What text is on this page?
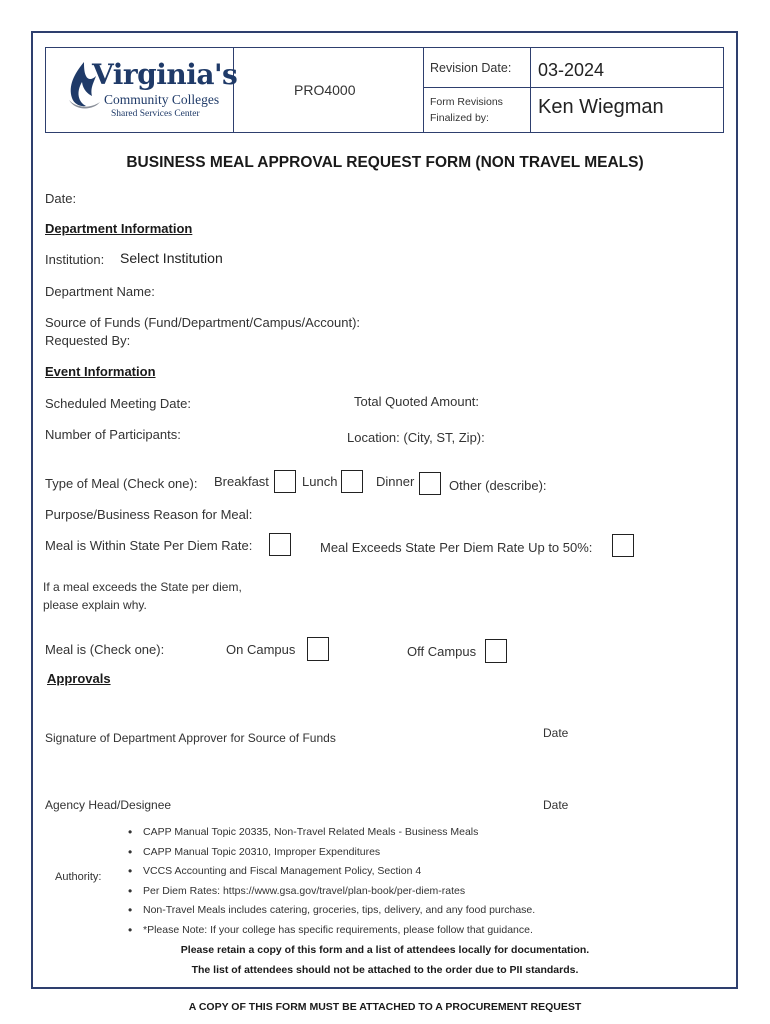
Virginia's
Community Colleges
Shared Services Center
PRO4000
Revision Date: 03-2024
Form Revisions
Finalized by: Ken Wiegman
BUSINESS MEAL APPROVAL REQUEST FORM (NON TRAVEL MEALS)
Date:
Department Information
Institution: Select Institution
Department Name:
Source of Funds (Fund/Department/Campus/Account):
Requested By:
Event Information
Scheduled Meeting Date:	Total Quoted Amount:
Number of Participants:	Location: (City, ST, Zip):
Type of Meal (Check one): Breakfast	Lunch	Dinner	Other (describe):
Purpose/Business Reason for Meal:
Meal is Within State Per Diem Rate:	Meal Exceeds State Per Diem Rate Up to 50%:
If a meal exceeds the State per diem,
please explain why.
Meal is (Check one):	On Campus	Off Campus
Approvals
Signature of Department Approver for Source of Funds	Date
Agency Head/Designee	Date
Authority:
• CAPP Manual Topic 20335, Non-Travel Related Meals - Business Meals
• CAPP Manual Topic 20310, Improper Expenditures
• VCCS Accounting and Fiscal Management Policy, Section 4
• Per Diem Rates: https://www.gsa.gov/travel/plan-book/per-diem-rates
• Non-Travel Meals includes catering, groceries, tips, delivery, and any food purchase.
• *Please Note: If your college has specific requirements, please follow that guidance.
Please retain a copy of this form and a list of attendees locally for documentation.
The list of attendees should not be attached to the order due to PII standards.
A COPY OF THIS FORM MUST BE ATTACHED TO A PROCUREMENT REQUEST
